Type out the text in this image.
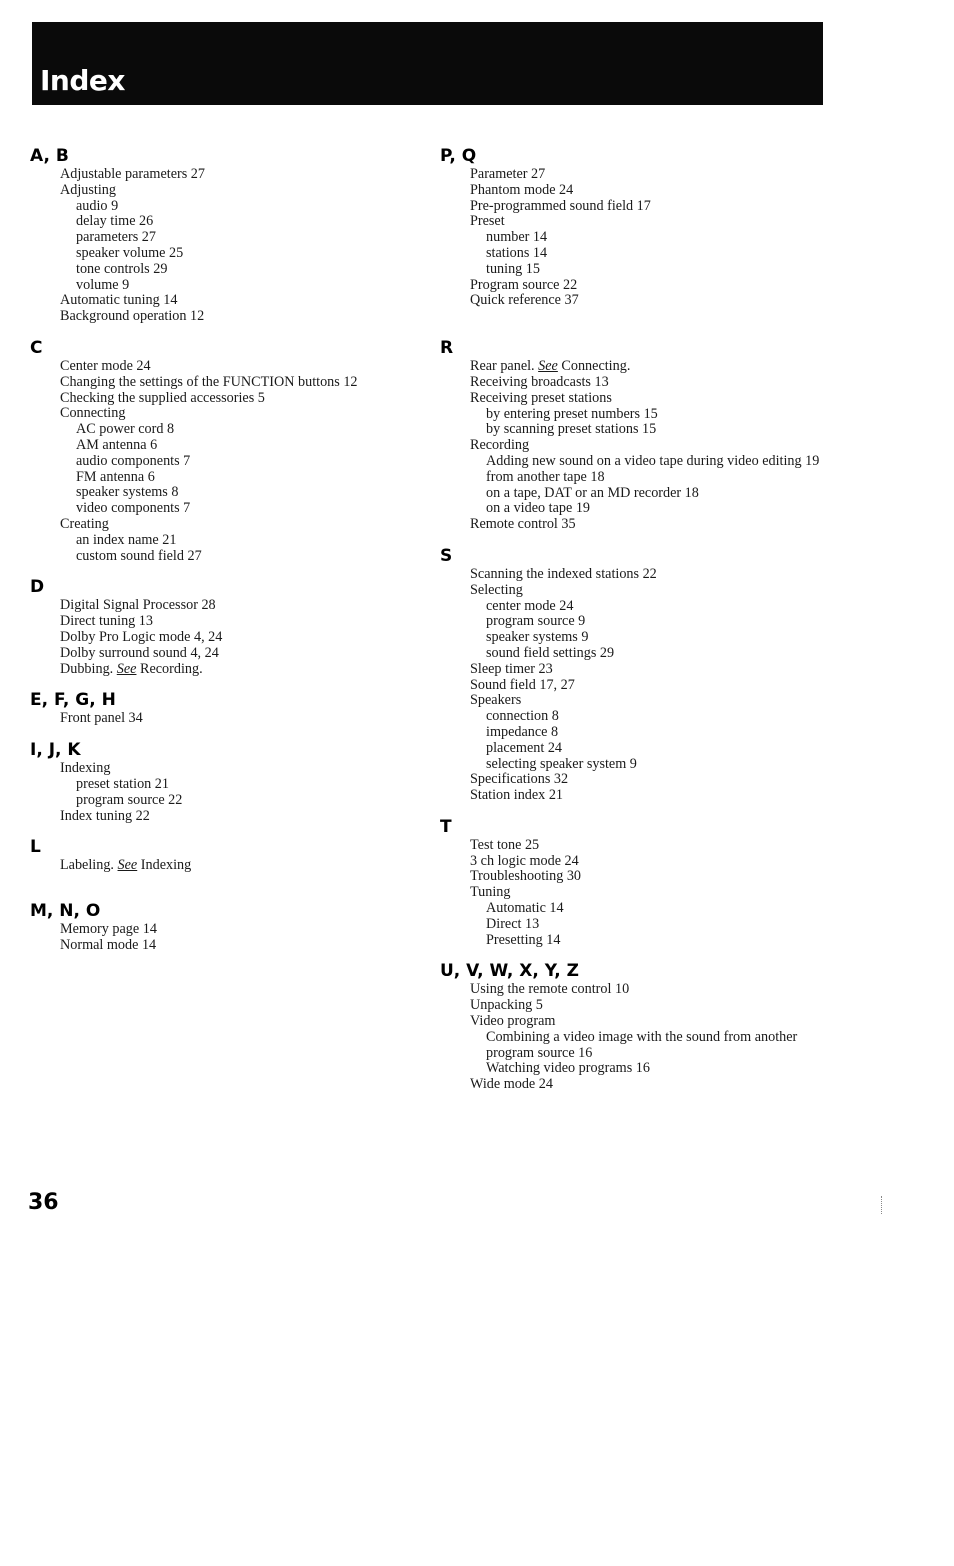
Index
A, B
Adjustable parameters 27
Adjusting
audio 9
delay time 26
parameters 27
speaker volume 25
tone controls 29
volume 9
Automatic tuning 14
Background operation 12
C
Center mode 24
Changing the settings of the FUNCTION buttons 12
Checking the supplied accessories 5
Connecting
AC power cord 8
AM antenna 6
audio components 7
FM antenna 6
speaker systems 8
video components 7
Creating
an index name 21
custom sound field 27
D
Digital Signal Processor 28
Direct tuning 13
Dolby Pro Logic mode 4, 24
Dolby surround sound 4, 24
Dubbing. See Recording.
E, F, G, H
Front panel 34
I, J, K
Indexing
preset station 21
program source 22
Index tuning 22
L
Labeling. See Indexing
M, N, O
Memory page 14
Normal mode 14
P, Q
Parameter 27
Phantom mode 24
Pre-programmed sound field 17
Preset
number 14
stations 14
tuning 15
Program source 22
Quick reference 37
R
Rear panel. See Connecting.
Receiving broadcasts 13
Receiving preset stations
by entering preset numbers 15
by scanning preset stations 15
Recording
Adding new sound on a video tape during video editing 19
from another tape 18
on a tape, DAT or an MD recorder 18
on a video tape 19
Remote control 35
S
Scanning the indexed stations 22
Selecting
center mode 24
program source 9
speaker systems 9
sound field settings 29
Sleep timer 23
Sound field 17, 27
Speakers
connection 8
impedance 8
placement 24
selecting speaker system 9
Specifications 32
Station index 21
T
Test tone 25
3 ch logic mode 24
Troubleshooting 30
Tuning
Automatic 14
Direct 13
Presetting 14
U, V, W, X, Y, Z
Using the remote control 10
Unpacking 5
Video program
Combining a video image with the sound from another program source 16
Watching video programs 16
Wide mode 24

36
